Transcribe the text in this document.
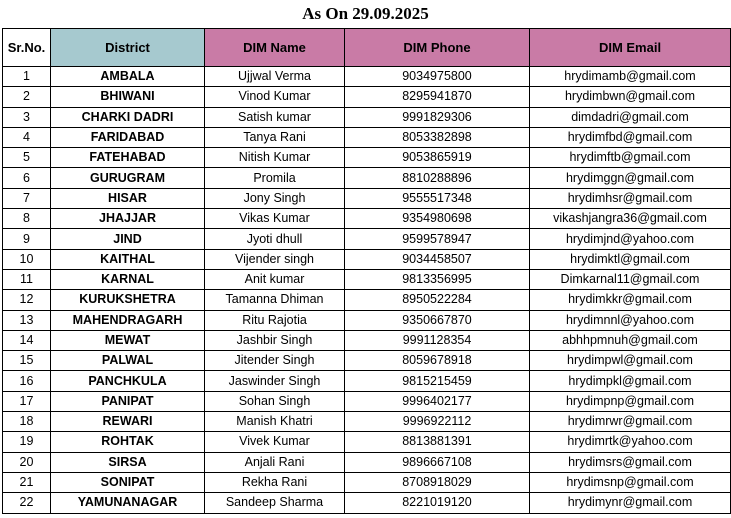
As On 29.09.2025
Sr.No.	District	DIM Name	DIM Phone	DIM Email
1	AMBALA	Ujjwal Verma	9034975800	hrydimamb@gmail.com
2	BHIWANI	Vinod Kumar	8295941870	hrydimbwn@gmail.com
3	CHARKI DADRI	Satish kumar	9991829306	dimdadri@gmail.com
4	FARIDABAD	Tanya Rani	8053382898	hrydimfbd@gmail.com
5	FATEHABAD	Nitish Kumar	9053865919	hrydimftb@gmail.com
6	GURUGRAM	Promila	8810288896	hrydimggn@gmail.com
7	HISAR	Jony Singh	9555517348	hrydimhsr@gmail.com
8	JHAJJAR	Vikas Kumar	9354980698	vikashjangra36@gmail.com
9	JIND	Jyoti dhull	9599578947	hrydimjnd@yahoo.com
10	KAITHAL	Vijender singh	9034458507	hrydimktl@gmail.com
11	KARNAL	Anit kumar	9813356995	Dimkarnal11@gmail.com
12	KURUKSHETRA	Tamanna Dhiman	8950522284	hrydimkkr@gmail.com
13	MAHENDRAGARH	Ritu Rajotia	9350667870	hrydimnnl@yahoo.com
14	MEWAT	Jashbir Singh	9991128354	abhhpmnuh@gmail.com
15	PALWAL	Jitender Singh	8059678918	hrydimpwl@gmail.com
16	PANCHKULA	Jaswinder Singh	9815215459	hrydimpkl@gmail.com
17	PANIPAT	Sohan Singh	9996402177	hrydimpnp@gmail.com
18	REWARI	Manish Khatri	9996922112	hrydimrwr@gmail.com
19	ROHTAK	Vivek Kumar	8813881391	hrydimrtk@yahoo.com
20	SIRSA	Anjali Rani	9896667108	hrydimsrs@gmail.com
21	SONIPAT	Rekha Rani	8708918029	hrydimsnp@gmail.com
22	YAMUNANAGAR	Sandeep Sharma	8221019120	hrydimynr@gmail.com
